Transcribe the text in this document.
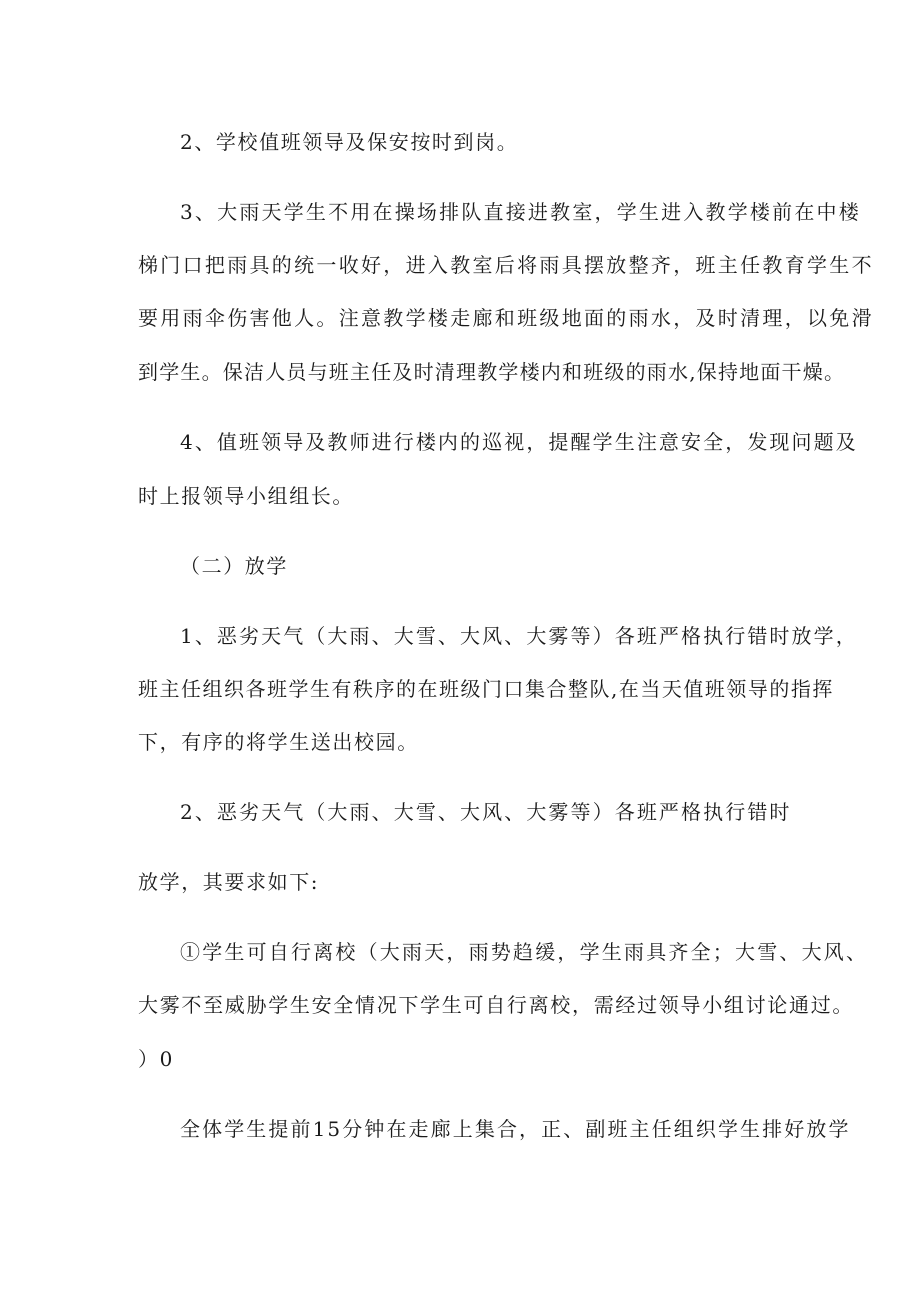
2、学校值班领导及保安按时到岗。
3、大雨天学生不用在操场排队直接进教室，学生进入教学楼前在中楼
梯门口把雨具的统一收好，进入教室后将雨具摆放整齐，班主任教育学生不
要用雨伞伤害他人。注意教学楼走廊和班级地面的雨水，及时清理，以免滑
到学生。保洁人员与班主任及时清理教学楼内和班级的雨水,保持地面干燥。
4、值班领导及教师进行楼内的巡视，提醒学生注意安全，发现问题及
时上报领导小组组长。
（二）放学
1、恶劣天气（大雨、大雪、大风、大雾等）各班严格执行错时放学，
班主任组织各班学生有秩序的在班级门口集合整队,在当天值班领导的指挥
下，有序的将学生送出校园。
2、恶劣天气（大雨、大雪、大风、大雾等）各班严格执行错时
放学，其要求如下:
①学生可自行离校（大雨天，雨势趋缓，学生雨具齐全；大雪、大风、
大雾不至威胁学生安全情况下学生可自行离校，需经过领导小组讨论通过。
）0
全体学生提前15分钟在走廊上集合，正、副班主任组织学生排好放学
